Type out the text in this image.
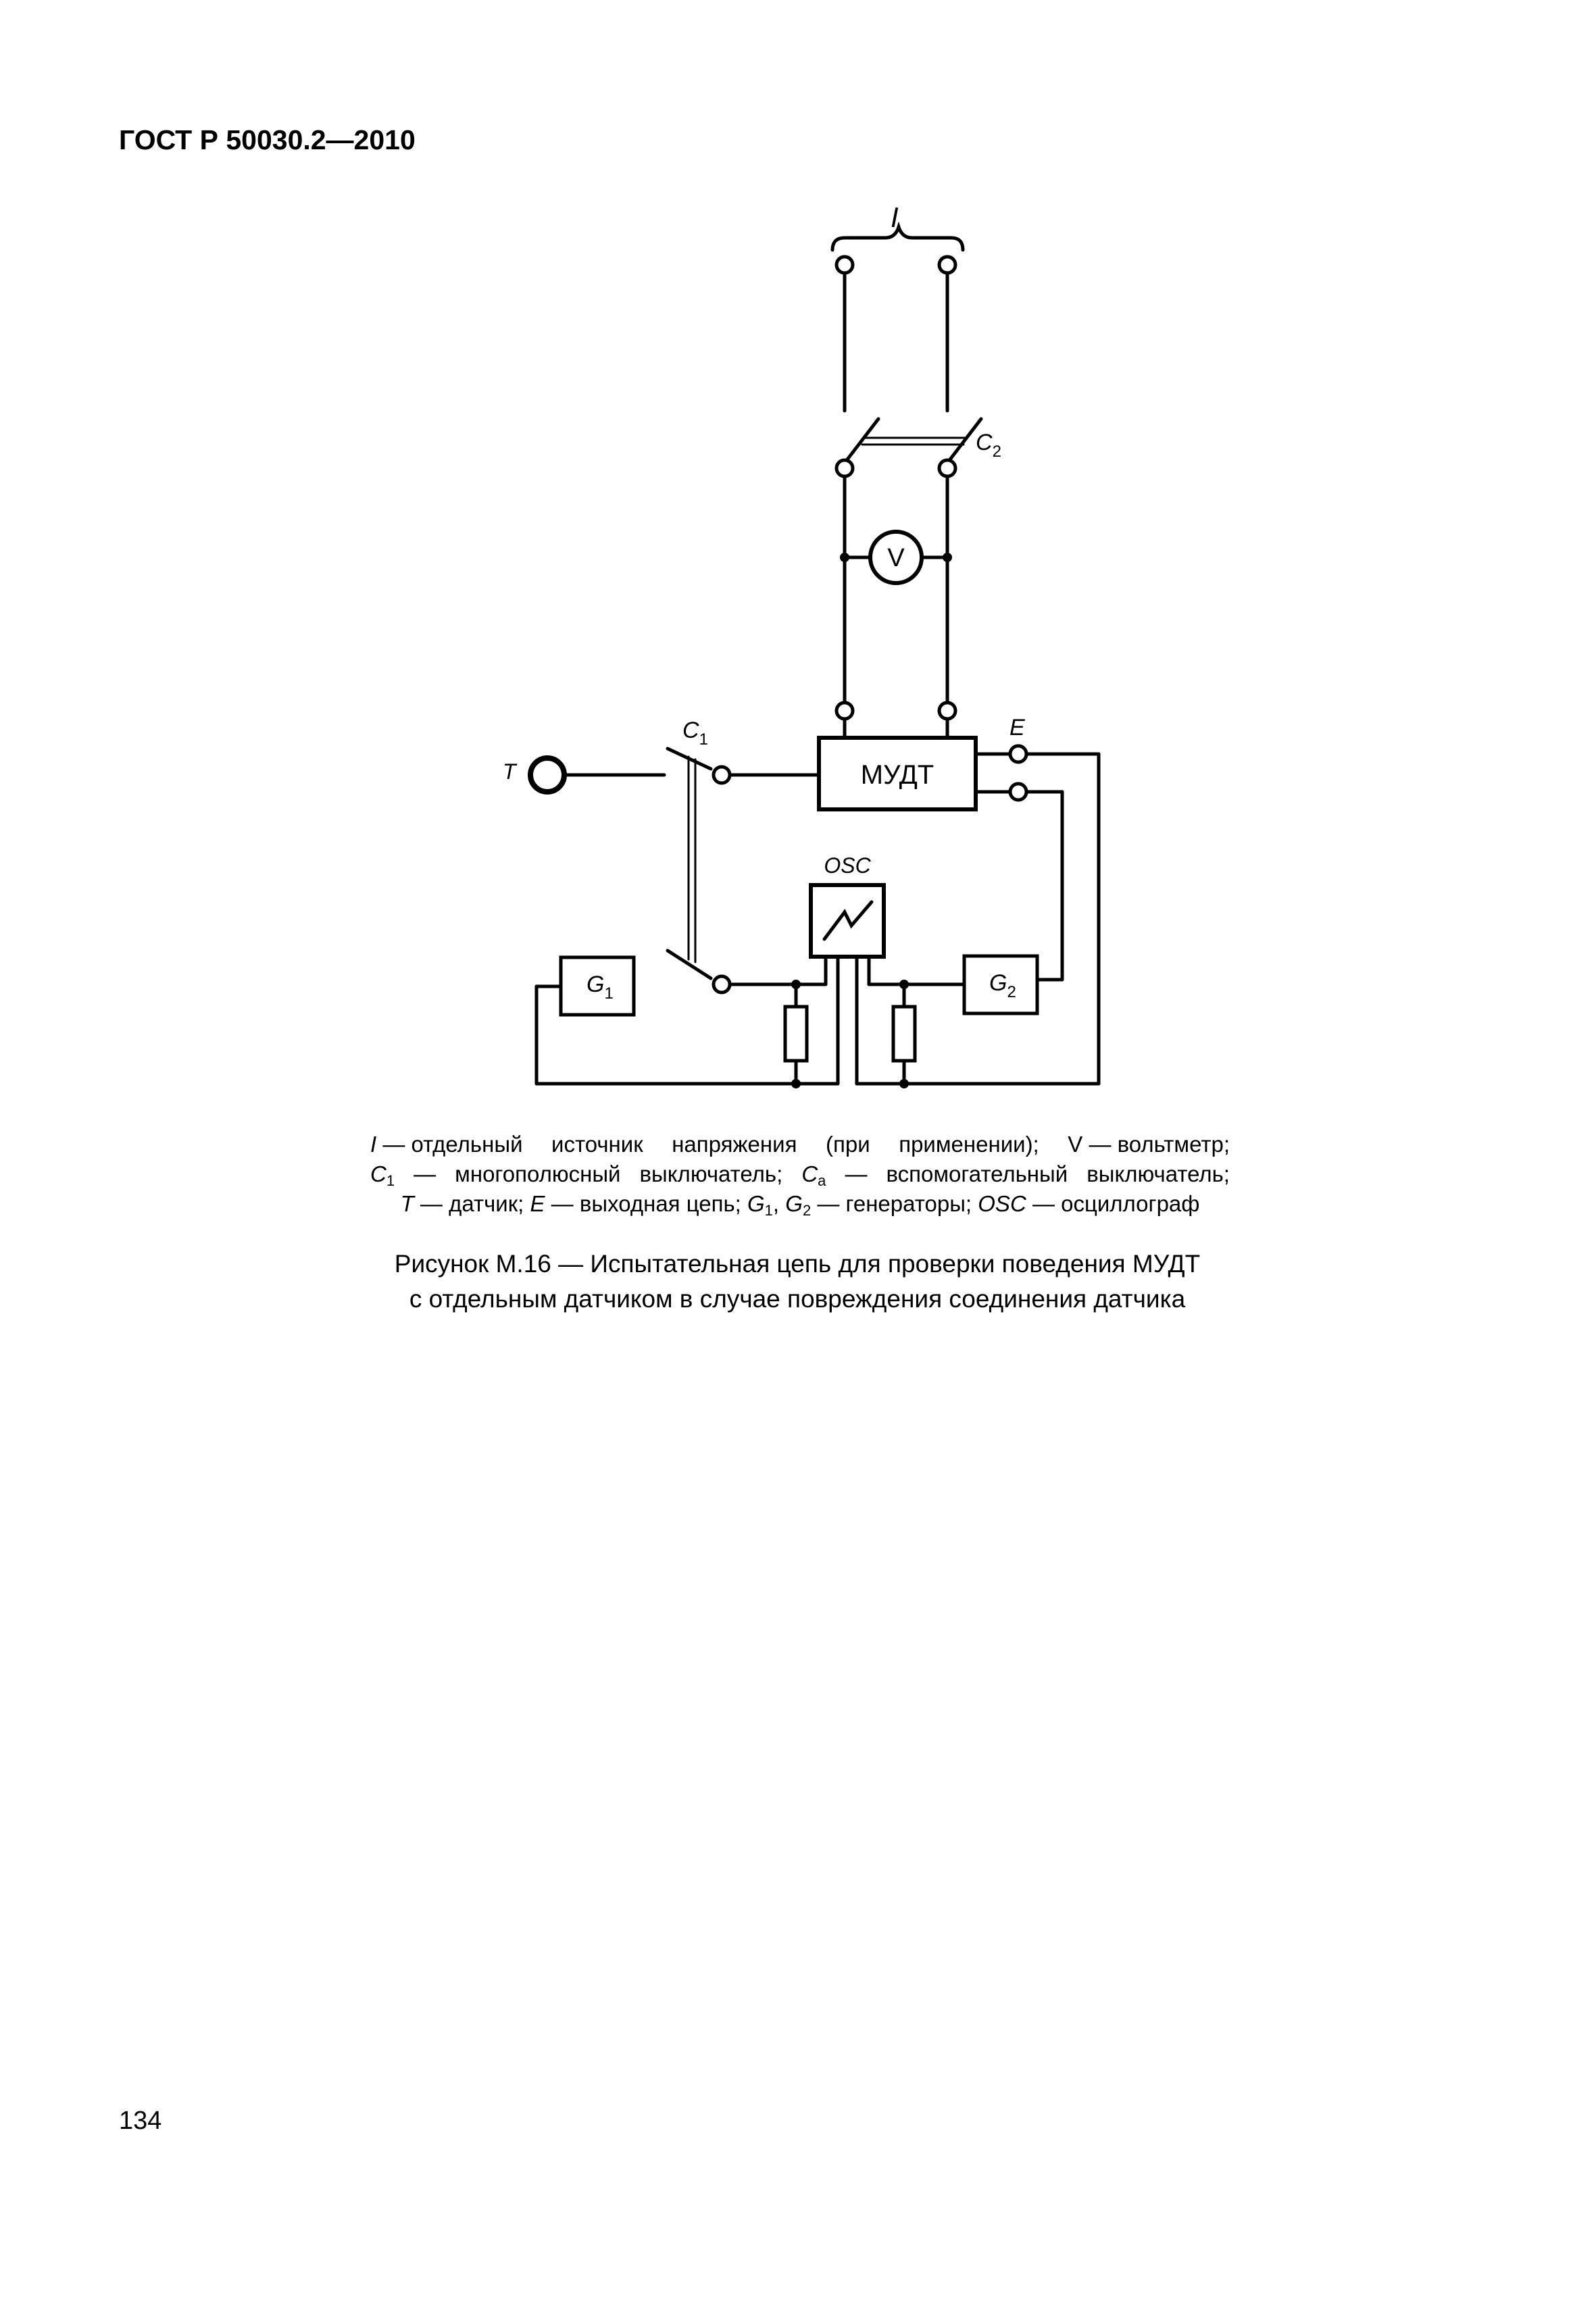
ГОСТ Р 50030.2—2010
I
$C_2$
V
$C_1$	E
T	МУДТ
OSC
$G_1$	$G_2$
I — отдельный источник напряжения (при применении); V — вольтметр;
$C_1$ — многополюсный выключатель; $C_a$ — вспомогательный выключатель;
T — датчик; E — выходная цепь; $G_1$, $G_2$ — генераторы; OSC — осциллограф
Рисунок М.16 — Испытательная цепь для проверки поведения МУДТ
с отдельным датчиком в случае повреждения соединения датчика
134
